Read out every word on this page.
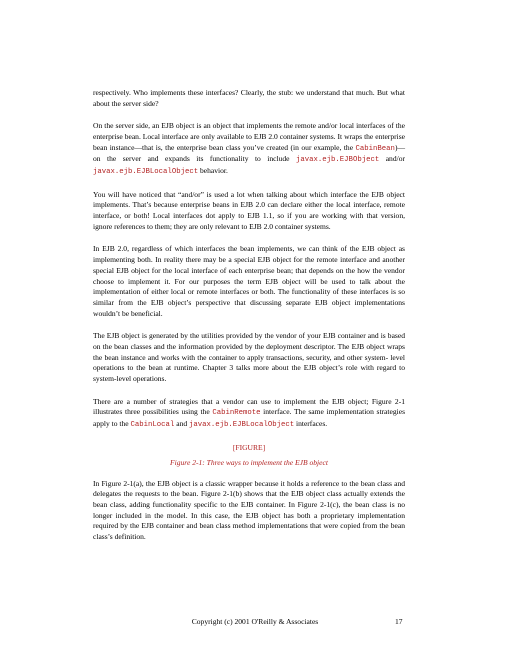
respectively. Who implements these interfaces? Clearly, the stub: we understand that much. But what about the server side?

On the server side, an EJB object is an object that implements the remote and/or local interfaces of the enterprise bean. Local interface are only available to EJB 2.0 container systems. It wraps the enterprise bean instance—that is, the enterprise bean class you’ve created (in our example, the CabinBean)—on the server and expands its functionality to include javax.ejb.EJBObject and/or javax.ejb.EJBLocalObject behavior.

You will have noticed that “and/or” is used a lot when talking about which interface the EJB object implements. That’s because enterprise beans in EJB 2.0 can declare either the local interface, remote interface, or both! Local interfaces dot apply to EJB 1.1, so if you are working with that version, ignore references to them; they are only relevant to EJB 2.0 container systems.

In EJB 2.0, regardless of which interfaces the bean implements, we can think of the EJB object as implementing both. In reality there may be a special EJB object for the remote interface and another special EJB object for the local interface of each enterprise bean; that depends on the how the vendor choose to implement it. For our purposes the term EJB object will be used to talk about the implementation of either local or remote interfaces or both. The functionality of these interfaces is so similar from the EJB object’s perspective that discussing separate EJB object implementations wouldn’t be beneficial.

The EJB object is generated by the utilities provided by the vendor of your EJB container and is based on the bean classes and the information provided by the deployment descriptor. The EJB object wraps the bean instance and works with the container to apply transactions, security, and other system- level operations to the bean at runtime. Chapter 3 talks more about the EJB object’s role with regard to system-level operations.

There are a number of strategies that a vendor can use to implement the EJB object; Figure 2-1 illustrates three possibilities using the CabinRemote interface. The same implementation strategies apply to the CabinLocal and javax.ejb.EJBLocalObject interfaces.

[FIGURE]

Figure 2-1: Three ways to implement the EJB object

In Figure 2-1(a), the EJB object is a classic wrapper because it holds a reference to the bean class and delegates the requests to the bean. Figure 2-1(b) shows that the EJB object class actually extends the bean class, adding functionality specific to the EJB container. In Figure 2-1(c), the bean class is no longer included in the model. In this case, the EJB object has both a proprietary implementation required by the EJB container and bean class method implementations that were copied from the bean class’s definition.

Copyright (c) 2001 O'Reilly & Associates	17
